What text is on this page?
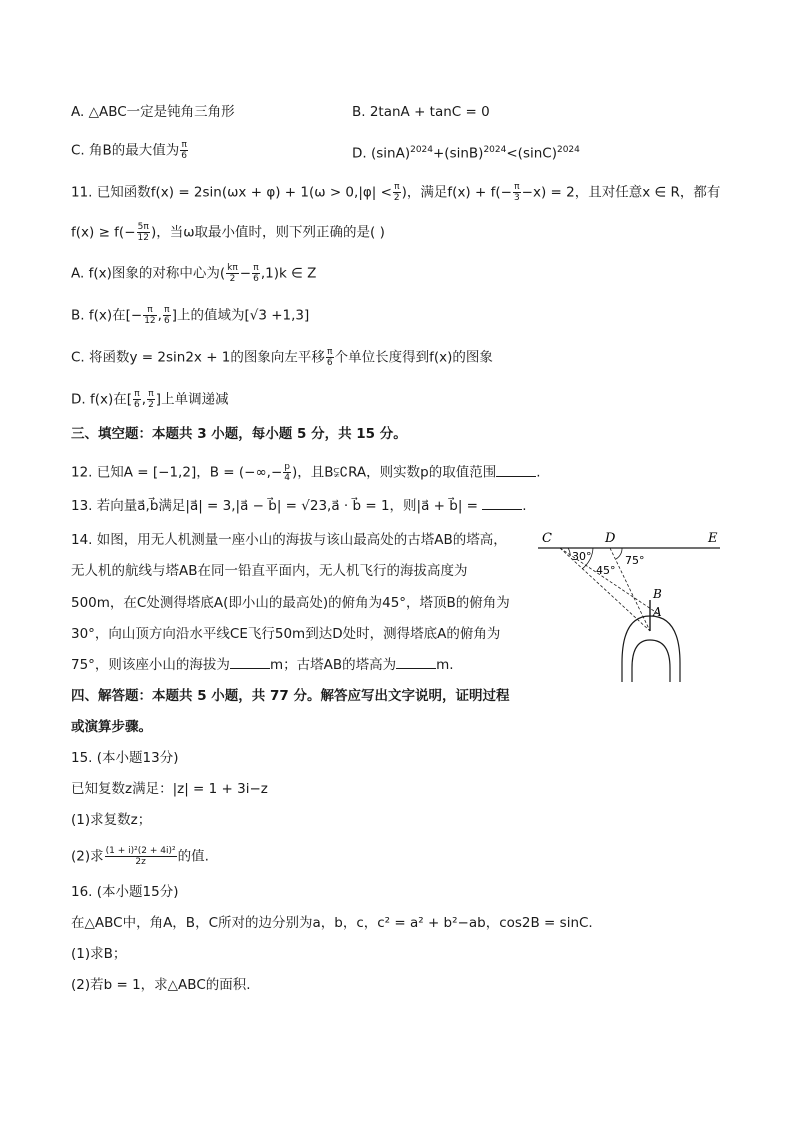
A. △ABC一定是钝角三角形	B. 2tanA + tanC = 0
C. 角B的最大值为 $\frac{\pi}{6}$	D. $(\sin A)^{2024}+(\sin B)^{2024}<(\sin C)^{2024}$
11. 已知函数$f(x) = 2\sin(\omega x + \varphi) + 1(\omega > 0,|\varphi| < \frac{\pi}{2}$ )，满足$f(x) + f(- \frac{\pi}{3} -x) = 2$，且对任意x ∈ R，都有
$f(x) \ge f(- \frac{5\pi}{12}$ )，当ω取最小值时，则下列正确的是( )
A. f(x)图象的对称中心为( $\frac{k\pi}{2} - \frac{\pi}{6} ,1)k$ ∈ Z
B. f(x)在[− $\frac{\pi}{12}$ , $\frac{\pi}{6}$ ]上的值域为[√3 +1,3]
C. 将函数y = 2sin2x + 1的图象向左平移 $\frac{\pi}{6}$ 个单位长度得到f(x)的图象
D. f(x)在[ $\frac{\pi}{6}$ , $\frac{\pi}{2}$ ]上单调递减
三、填空题：本题共 3 小题，每小题 5 分，共 15 分。
12. 已知A = [−1,2]，B = (−∞,− $\frac{p}{4}$ )，且B⫋∁RA，则实数p的取值范围	.
13. 若向量a⃗,b⃗满足|a⃗| = 3,|a⃗ − b⃗| = √23,a⃗ · b⃗ = 1，则|a⃗ + b⃗| =	.
14. 如图，用无人机测量一座小山的海拔与该山最高处的古塔AB的塔高，
无人机的航线与塔AB在同一铅直平面内，无人机飞行的海拔高度为
500m，在C处测得塔底A(即小山的最高处)的俯角为45°，塔顶B的俯角为
30°，向山顶方向沿水平线CE飞行50m到达D处时，测得塔底A的俯角为
75°，则该座小山的海拔为	m；古塔AB的塔高为	m.
C	D	E
B
A
30°
45°
75°
四、解答题：本题共 5 小题，共 77 分。解答应写出文字说明，证明过程
或演算步骤。
15. (本小题13分)
已知复数z满足：|z| = 1 + 3i−z
(1)求复数z；
(2)求 $\frac{\text{(1 + i)²(2 + 4i)²}}{2z}$ 的值.
16. (本小题15分)
在△ABC中，角A，B，C所对的边分别为a，b，c，c² = a² + b²−ab，cos2B = sinC.
(1)求B；
(2)若b = 1，求△ABC的面积.
